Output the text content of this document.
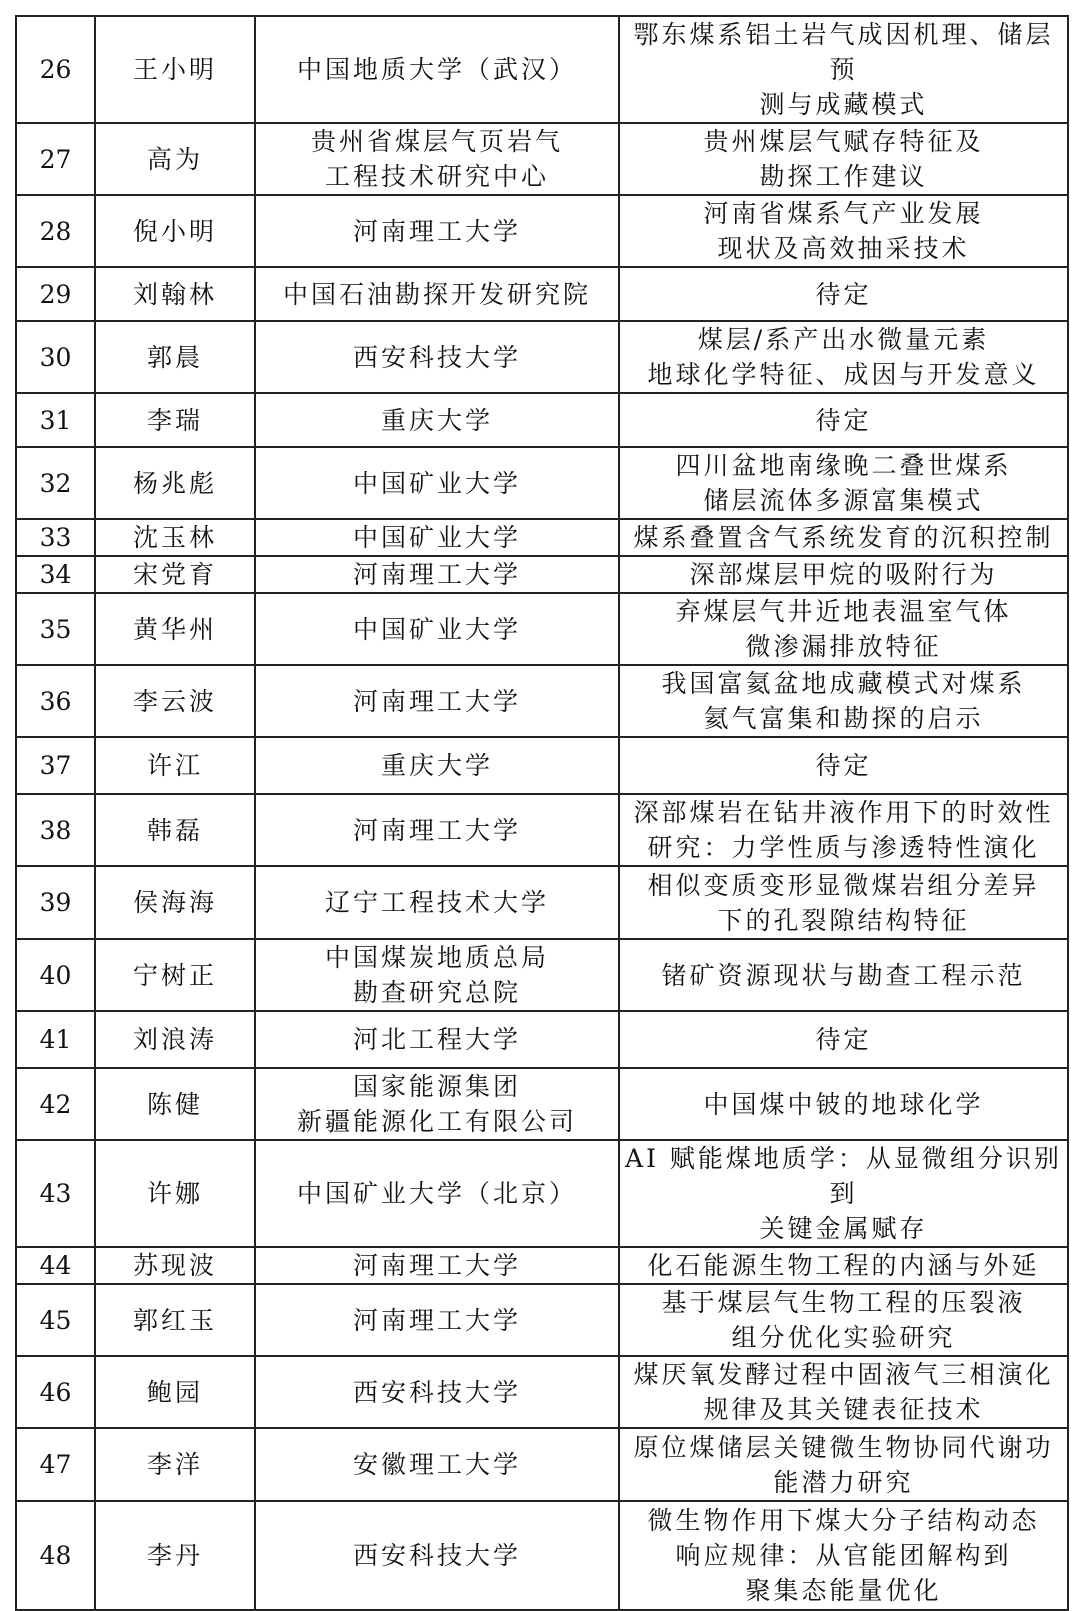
26	王小明	中国地质大学（武汉）	鄂东煤系铝土岩气成因机理、储层预
测与成藏模式
27	高为	贵州省煤层气页岩气
工程技术研究中心	贵州煤层气赋存特征及
勘探工作建议
28	倪小明	河南理工大学	河南省煤系气产业发展
现状及高效抽采技术
29	刘翰林	中国石油勘探开发研究院	待定
30	郭晨	西安科技大学	煤层/系产出水微量元素
地球化学特征、成因与开发意义
31	李瑞	重庆大学	待定
32	杨兆彪	中国矿业大学	四川盆地南缘晚二叠世煤系
储层流体多源富集模式
33	沈玉林	中国矿业大学	煤系叠置含气系统发育的沉积控制
34	宋党育	河南理工大学	深部煤层甲烷的吸附行为
35	黄华州	中国矿业大学	弃煤层气井近地表温室气体
微渗漏排放特征
36	李云波	河南理工大学	我国富氦盆地成藏模式对煤系
氦气富集和勘探的启示
37	许江	重庆大学	待定
38	韩磊	河南理工大学	深部煤岩在钻井液作用下的时效性
研究：力学性质与渗透特性演化
39	侯海海	辽宁工程技术大学	相似变质变形显微煤岩组分差异
下的孔裂隙结构特征
40	宁树正	中国煤炭地质总局
勘查研究总院	锗矿资源现状与勘查工程示范
41	刘浪涛	河北工程大学	待定
42	陈健	国家能源集团
新疆能源化工有限公司	中国煤中铍的地球化学
43	许娜	中国矿业大学（北京）	AI 赋能煤地质学：从显微组分识别到
关键金属赋存
44	苏现波	河南理工大学	化石能源生物工程的内涵与外延
45	郭红玉	河南理工大学	基于煤层气生物工程的压裂液
组分优化实验研究
46	鲍园	西安科技大学	煤厌氧发酵过程中固液气三相演化
规律及其关键表征技术
47	李洋	安徽理工大学	原位煤储层关键微生物协同代谢功
能潜力研究
48	李丹	西安科技大学	微生物作用下煤大分子结构动态
响应规律：从官能团解构到
聚集态能量优化
